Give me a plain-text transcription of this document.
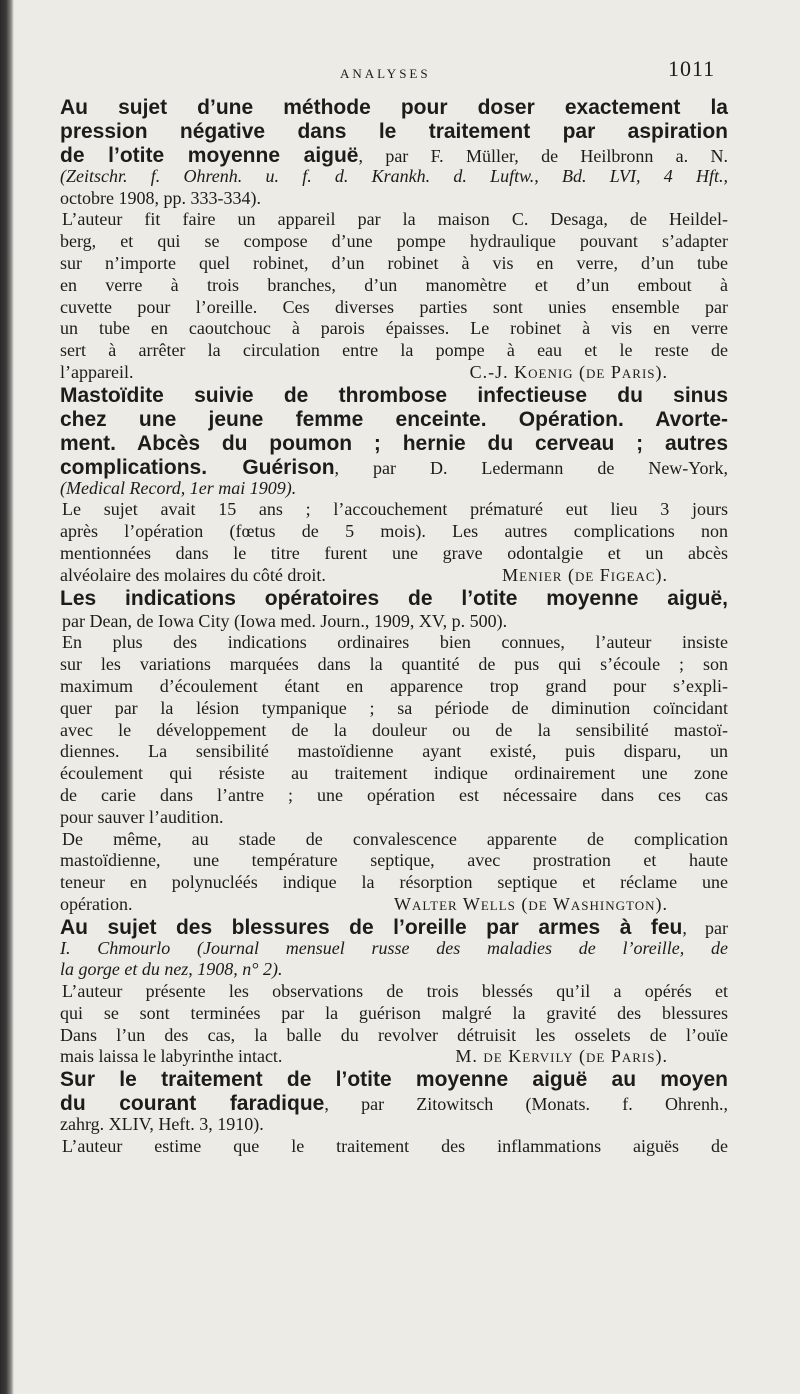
ANALYSES	1011
Au sujet d’une méthode pour doser exactement la
pression négative dans le traitement par aspiration
de l’otite moyenne aiguë, par F. Müller, de Heilbronn a. N.
(Zeitschr. f. Ohrenh. u. f. d. Krankh. d. Luftw., Bd. LVI, 4 Hft.,
octobre 1908, pp. 333-334).
L’auteur fit faire un appareil par la maison C. Desaga, de Heildel-
berg, et qui se compose d’une pompe hydraulique pouvant s’adapter
sur n’importe quel robinet, d’un robinet à vis en verre, d’un tube
en verre à trois branches, d’un manomètre et d’un embout à
cuvette pour l’oreille. Ces diverses parties sont unies ensemble par
un tube en caoutchouc à parois épaisses. Le robinet à vis en verre
sert à arrêter la circulation entre la pompe à eau et le reste de
l’appareil.	C.-J. Koenig (de Paris).
Mastoïdite suivie de thrombose infectieuse du sinus
chez une jeune femme enceinte. Opération. Avorte-
ment. Abcès du poumon ; hernie du cerveau ; autres
complications. Guérison, par D. Ledermann de New-York,
(Medical Record, 1er mai 1909).
Le sujet avait 15 ans ; l’accouchement prématuré eut lieu 3 jours
après l’opération (fœtus de 5 mois). Les autres complications non
mentionnées dans le titre furent une grave odontalgie et un abcès
alvéolaire des molaires du côté droit.	Menier (de Figeac).
Les indications opératoires de l’otite moyenne aiguë,
par Dean, de Iowa City (Iowa med. Journ., 1909, XV, p. 500).
En plus des indications ordinaires bien connues, l’auteur insiste
sur les variations marquées dans la quantité de pus qui s’écoule ; son
maximum d’écoulement étant en apparence trop grand pour s’expli-
quer par la lésion tympanique ; sa période de diminution coïncidant
avec le développement de la douleur ou de la sensibilité mastoï-
diennes. La sensibilité mastoïdienne ayant existé, puis disparu, un
écoulement qui résiste au traitement indique ordinairement une zone
de carie dans l’antre ; une opération est nécessaire dans ces cas
pour sauver l’audition.
De même, au stade de convalescence apparente de complication
mastoïdienne, une température septique, avec prostration et haute
teneur en polynucléés indique la résorption septique et réclame une
opération.	Walter Wells (de Washington).
Au sujet des blessures de l’oreille par armes à feu, par
I. Chmourlo (Journal mensuel russe des maladies de l’oreille, de
la gorge et du nez, 1908, n° 2).
L’auteur présente les observations de trois blessés qu’il a opérés et
qui se sont terminées par la guérison malgré la gravité des blessures
Dans l’un des cas, la balle du revolver détruisit les osselets de l’ouïe
mais laissa le labyrinthe intact.	M. de Kervily (de Paris).
Sur le traitement de l’otite moyenne aiguë au moyen
du courant faradique, par Zitowitsch (Monats. f. Ohrenh.,
zahrg. XLIV, Heft. 3, 1910).
L’auteur estime que le traitement des inflammations aiguës de
